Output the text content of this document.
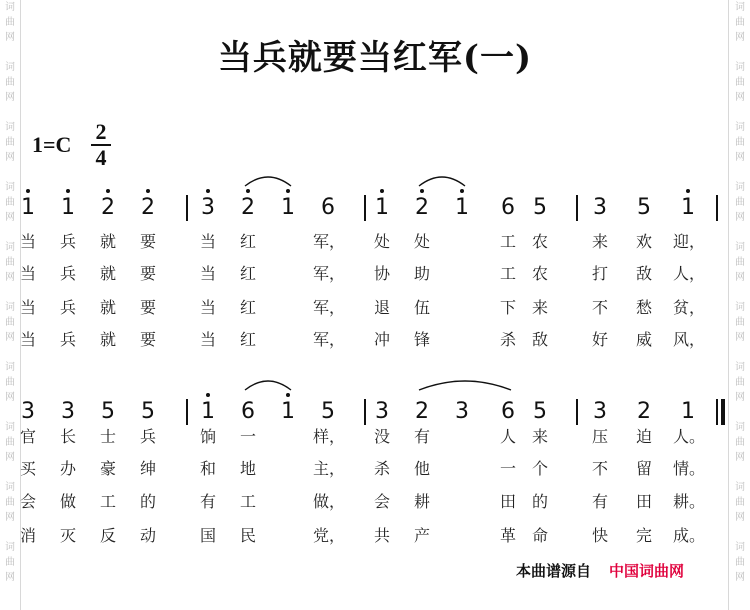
词
曲
网
词
曲
网
词
曲
网
词
曲
网
词
曲
网
词
曲
网
词
曲
网
词
曲
网
词
曲
网
词
曲
网
词
曲
网
词
曲
网
词
曲
网
词
曲
网
词
曲
网
词
曲
网
词
曲
网
词
曲
网
词
曲
网
词
曲
网
当兵就要当红军(一)
1=C
2
4
1	1	2	2	3	2	1	6	1	2	1	6 5	3	5	1
当	兵	就	要	当	红	军，	处	处	工 农	来	欢	迎，
当	兵	就	要	当	红	军，	协	助	工 农	打	敌	人，
当	兵	就	要	当	红	军，	退	伍	下 来	不	愁	贫，
当	兵	就	要	当	红	军，	冲	锋	杀 敌	好	威	风，
3	3	5	5	1	6	1	5	3	2	3	6 5	3	2	1
官	长	士	兵	饷	一	样，	没	有	人 来	压	迫	人。
买	办	豪	绅	和	地	主，	杀	他	一 个	不	留	情。
会	做	工	的	有	工	做，	会	耕	田 的	有	田	耕。
消	灭	反	动	国	民	党，	共	产	革 命	快	完	成。
本曲谱源自 中国词曲网
